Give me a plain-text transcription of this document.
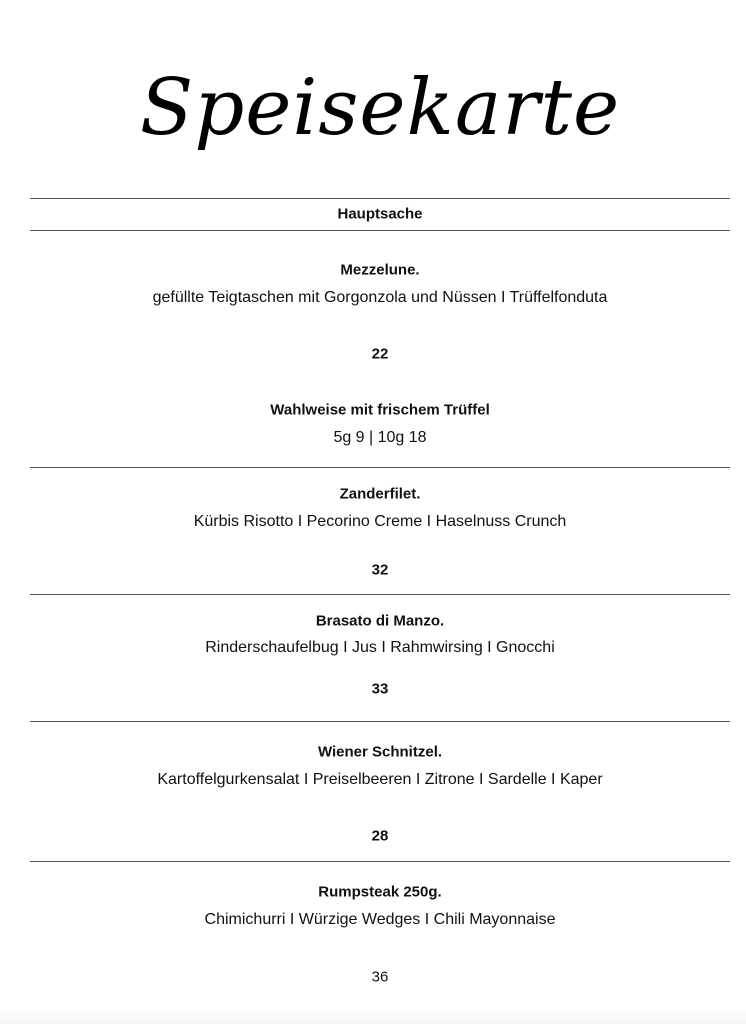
Speisekarte
Hauptsache
Mezzelune.
gefüllte Teigtaschen mit Gorgonzola und Nüssen I Trüffelfonduta
22
Wahlweise mit frischem Trüffel
5g 9 | 10g 18
Zanderfilet.
Kürbis Risotto I Pecorino Creme I Haselnuss Crunch
32
Brasato di Manzo.
Rinderschaufelbug I Jus I Rahmwirsing I Gnocchi
33
Wiener Schnitzel.
Kartoffelgurkensalat I Preiselbeeren I Zitrone I Sardelle I Kaper
28
Rumpsteak 250g.
Chimichurri I Würzige Wedges I Chili Mayonnaise
36
